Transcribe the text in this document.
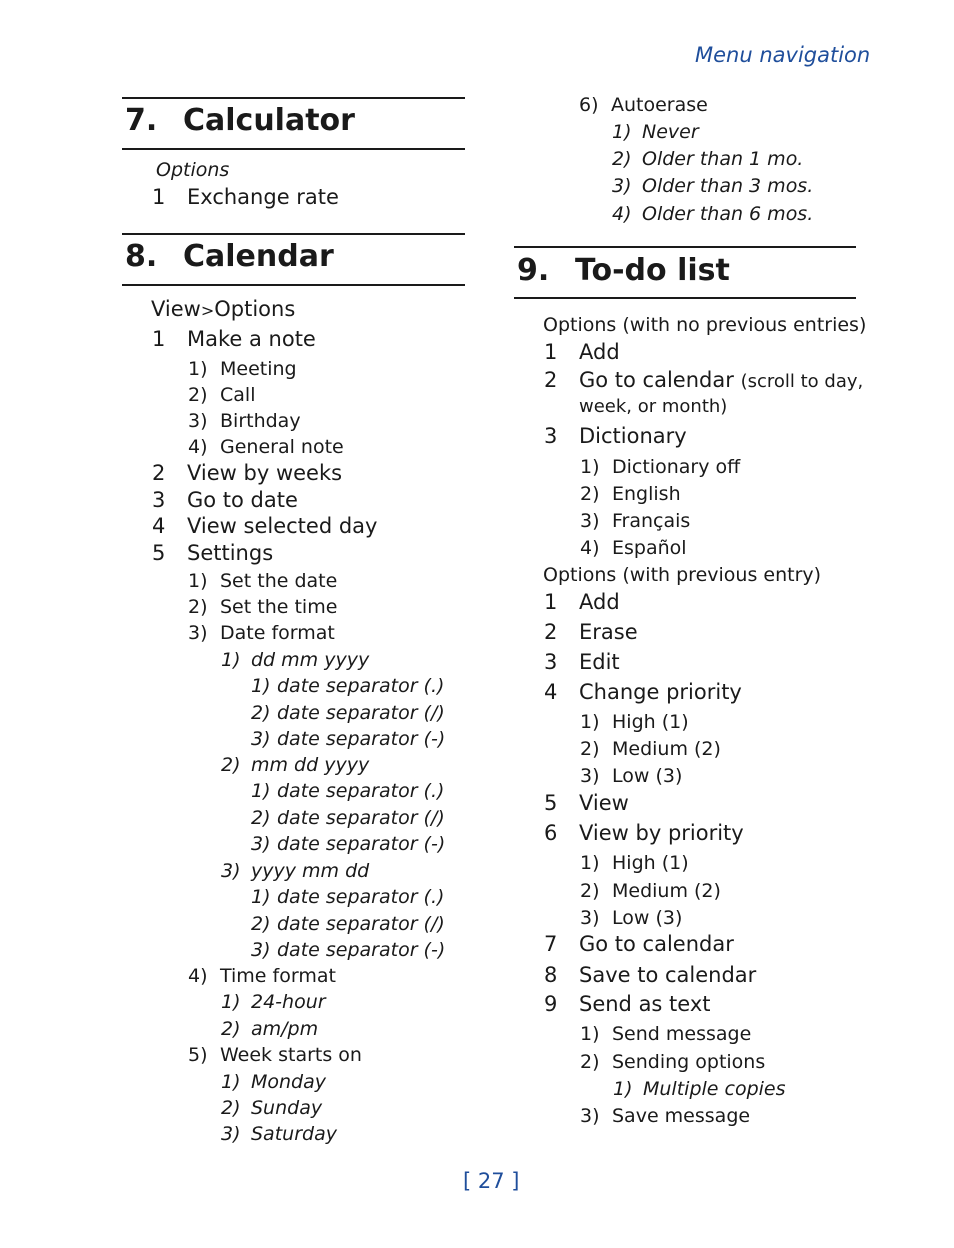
Menu navigation
7. Calculator
Options
1 Exchange rate
8. Calendar
View>Options
1 Make a note
1) Meeting
2) Call
3) Birthday
4) General note
2 View by weeks
3 Go to date
4 View selected day
5 Settings
1) Set the date
2) Set the time
3) Date format
1) dd mm yyyy
1) date separator (.)
2) date separator (/)
3) date separator (-)
2) mm dd yyyy
1) date separator (.)
2) date separator (/)
3) date separator (-)
3) yyyy mm dd
1) date separator (.)
2) date separator (/)
3) date separator (-)
4) Time format
1) 24-hour
2) am/pm
5) Week starts on
1) Monday
2) Sunday
3) Saturday
6) Autoerase
1) Never
2) Older than 1 mo.
3) Older than 3 mos.
4) Older than 6 mos.
9. To-do list
Options (with no previous entries)
1 Add
2 Go to calendar (scroll to day,
week, or month)
3 Dictionary
1) Dictionary off
2) English
3) Français
4) Español
Options (with previous entry)
1 Add
2 Erase
3 Edit
4 Change priority
1) High (1)
2) Medium (2)
3) Low (3)
5 View
6 View by priority
1) High (1)
2) Medium (2)
3) Low (3)
7 Go to calendar
8 Save to calendar
9 Send as text
1) Send message
2) Sending options
1) Multiple copies
3) Save message
[ 27 ]
